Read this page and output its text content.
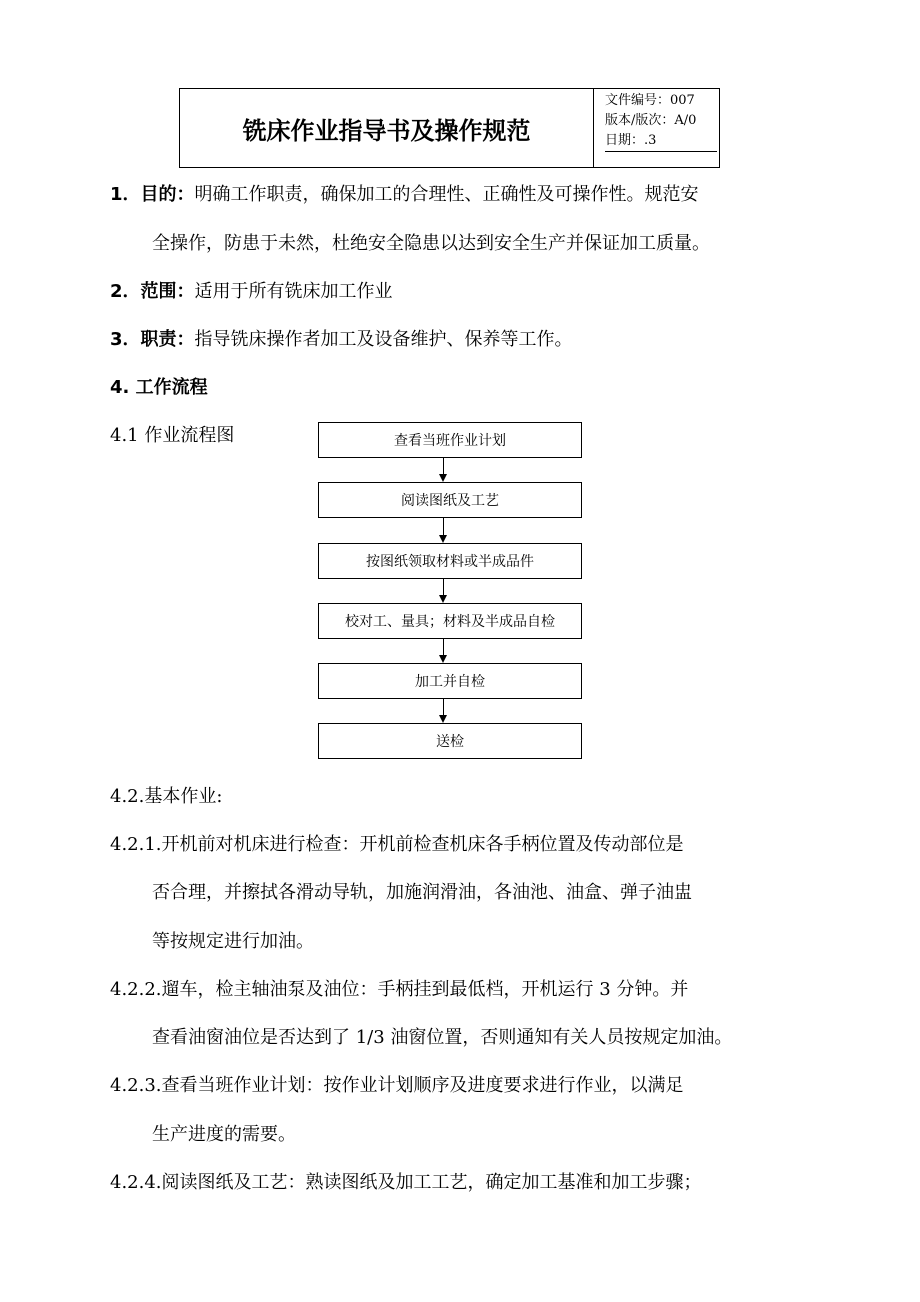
铣床作业指导书及操作规范
文件编号：007
版本/版次：A/0
日期：.3
1．目的：明确工作职责，确保加工的合理性、正确性及可操作性。规范安
全操作，防患于未然，杜绝安全隐患以达到安全生产并保证加工质量。
2．范围：适用于所有铣床加工作业
3．职责：指导铣床操作者加工及设备维护、保养等工作。
4. 工作流程
4.1 作业流程图	查看当班作业计划
阅读图纸及工艺
按图纸领取材料或半成品件
校对工、量具；材料及半成品自检
加工并自检
送检
4.2.基本作业:
4.2.1.开机前对机床进行检查：开机前检查机床各手柄位置及传动部位是
否合理，并擦拭各滑动导轨，加施润滑油，各油池、油盒、弹子油盅
等按规定进行加油。
4.2.2.遛车，检主轴油泵及油位：手柄挂到最低档，开机运行 3 分钟。并
查看油窗油位是否达到了 1/3 油窗位置，否则通知有关人员按规定加油。
4.2.3.查看当班作业计划：按作业计划顺序及进度要求进行作业，以满足
生产进度的需要。
4.2.4.阅读图纸及工艺：熟读图纸及加工工艺，确定加工基准和加工步骤；
